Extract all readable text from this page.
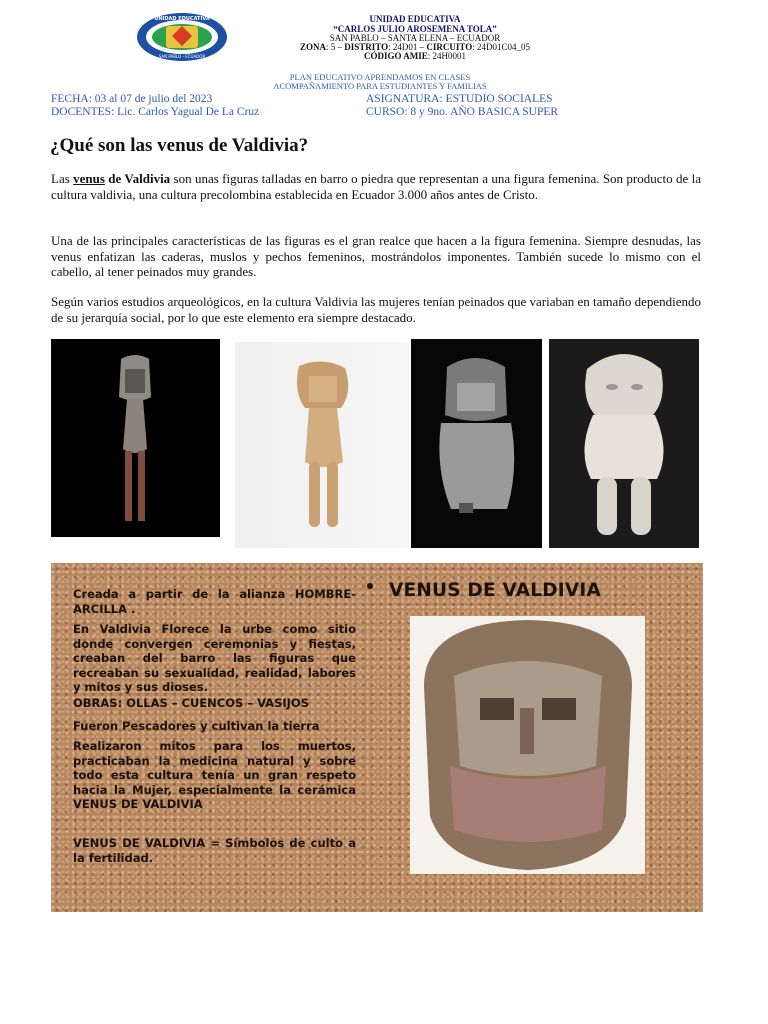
UNIDAD EDUCATIVA
SAN PABLO - ECUADOR
UNIDAD EDUCATIVA
“CARLOS JULIO AROSEMENA TOLA”
SAN PABLO – SANTA ELENA – ECUADOR
ZONA: 5 – DISTRITO: 24D01 – CIRCUITO: 24D01C04_05
CÓDIGO AMIE: 24H0001
PLAN EDUCATIVO APRENDAMOS EN CLASES
ACOMPAÑAMIENTO PARA ESTUDIANTES Y FAMILIAS
FECHA: 03 al 07 de julio del 2023
DOCENTES: Lic. Carlos Yagual De La Cruz
ASIGNATURA: ESTUDIO SOCIALES
CURSO: 8 y 9no. AÑO BASICA SUPER
¿Qué son las venus de Valdivia?
Las venus de Valdivia son unas figuras talladas en barro o piedra que representan a una figura femenina. Son producto de la cultura valdivia, una cultura precolombina establecida en Ecuador 3.000 años antes de Cristo.
Una de las principales características de las figuras es el gran realce que hacen a la figura femenina. Siempre desnudas, las venus enfatizan las caderas, muslos y pechos femeninos, mostrándolos imponentes. También sucede lo mismo con el cabello, al tener peinados muy grandes.
Según varios estudios arqueológicos, en la cultura Valdivia las mujeres tenían peinados que variaban en tamaño dependiendo de su jerarquía social, por lo que este elemento era siempre destacado.
VENUS DE VALDIVIA
Creada a partir de la alianza HOMBRE-ARCILLA .
En Valdivia Florece la urbe como sitio donde convergen ceremonias y fiestas, creaban del barro las figuras que recreaban su sexualidad, realidad, labores y mitos y sus dioses.
OBRAS: OLLAS – CUENCOS – VASIJOS
Fueron Pescadores y cultivan la tierra
Realizaron mitos para los muertos, practicaban la medicina natural y sobre todo esta cultura tenía un gran respeto hacia la Mujer, especialmente la cerámica VENUS DE VALDIVIA
VENUS DE VALDIVIA = Símbolos de culto a la fertilidad.
